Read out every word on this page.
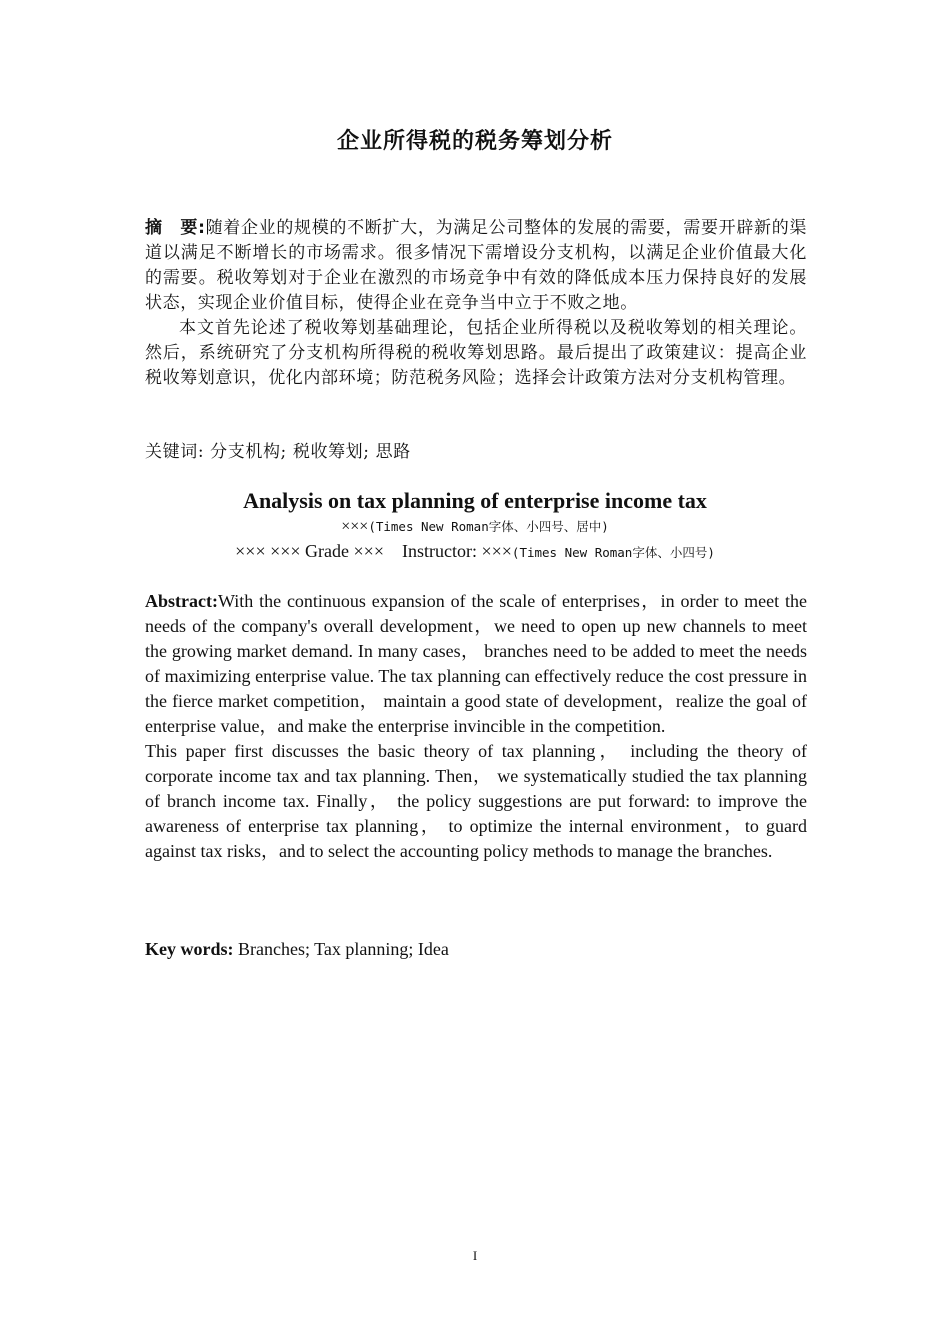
企业所得税的税务筹划分析

摘　要:随着企业的规模的不断扩大，为满足公司整体的发展的需要，需要开辟新的渠道以满足不断增长的市场需求。很多情况下需增设分支机构，以满足企业价值最大化的需要。税收筹划对于企业在激烈的市场竞争中有效的降低成本压力保持良好的发展状态，实现企业价值目标，使得企业在竞争当中立于不败之地。

本文首先论述了税收筹划基础理论，包括企业所得税以及税收筹划的相关理论。然后，系统研究了分支机构所得税的税收筹划思路。最后提出了政策建议：提高企业税收筹划意识，优化内部环境；防范税务风险；选择会计政策方法对分支机构管理。

关键词: 分支机构; 税收筹划; 思路
Analysis on tax planning of enterprise income tax
×××(Times New Roman字体、小四号、居中)
××× ××× Grade ×××　Instructor: ×××(Times New Roman字体、小四号)

Abstract:With the continuous expansion of the scale of enterprises，in order to meet the needs of the company's overall development，we need to open up new channels to meet the growing market demand. In many cases， branches need to be added to meet the needs of maximizing enterprise value. The tax planning can effectively reduce the cost pressure in the fierce market competition， maintain a good state of development，realize the goal of enterprise value，and make the enterprise invincible in the competition.

This paper first discusses the basic theory of tax planning， including the theory of corporate income tax and tax planning. Then， we systematically studied the tax planning of branch income tax. Finally， the policy suggestions are put forward: to improve the awareness of enterprise tax planning， to optimize the internal environment，to guard against tax risks，and to select the accounting policy methods to manage the branches.

Key words: Branches; Tax planning; Idea
I
